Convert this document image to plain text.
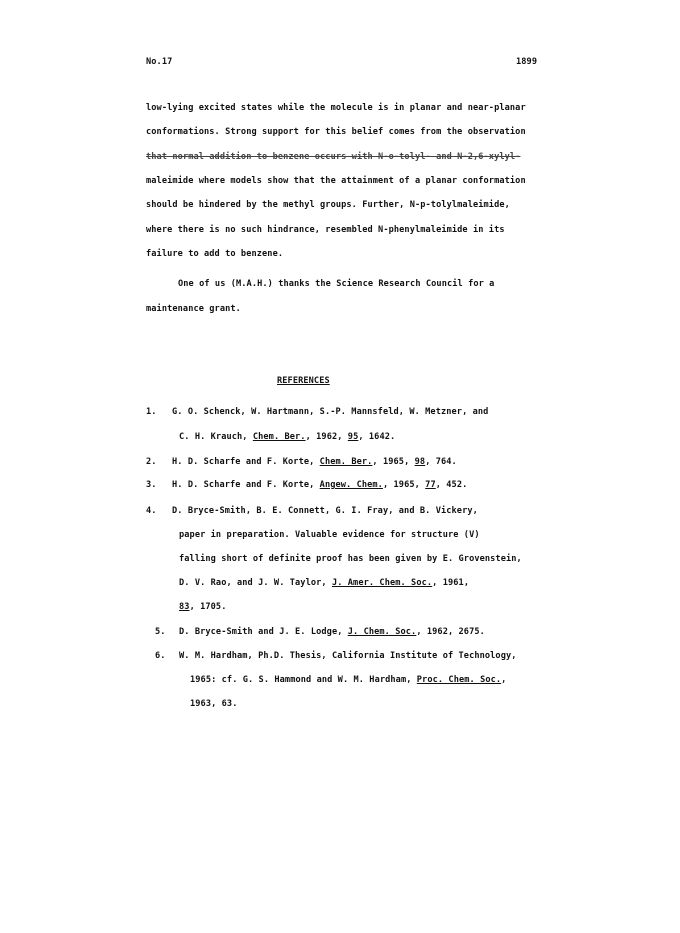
No.17	1899
low-lying excited states while the molecule is in planar and near-planar
conformations. Strong support for this belief comes from the observation
that normal addition to benzene occurs with N-o-tolyl- and N-2,6-xylyl-
maleimide where models show that the attainment of a planar conformation
should be hindered by the methyl groups. Further, N-p-tolylmaleimide,
where there is no such hindrance, resembled N-phenylmaleimide in its
failure to add to benzene.
One of us (M.A.H.) thanks the Science Research Council for a
maintenance grant.
REFERENCES
1. G. O. Schenck, W. Hartmann, S.-P. Mannsfeld, W. Metzner, and
C. H. Krauch, Chem. Ber., 1962, 95, 1642.
2. H. D. Scharfe and F. Korte, Chem. Ber., 1965, 98, 764.
3. H. D. Scharfe and F. Korte, Angew. Chem., 1965, 77, 452.
4. D. Bryce-Smith, B. E. Connett, G. I. Fray, and B. Vickery,
paper in preparation. Valuable evidence for structure (V)
falling short of definite proof has been given by E. Grovenstein,
D. V. Rao, and J. W. Taylor, J. Amer. Chem. Soc., 1961,
83, 1705.
5. D. Bryce-Smith and J. E. Lodge, J. Chem. Soc., 1962, 2675.
6. W. M. Hardham, Ph.D. Thesis, California Institute of Technology,
1965: cf. G. S. Hammond and W. M. Hardham, Proc. Chem. Soc.,
1963, 63.
